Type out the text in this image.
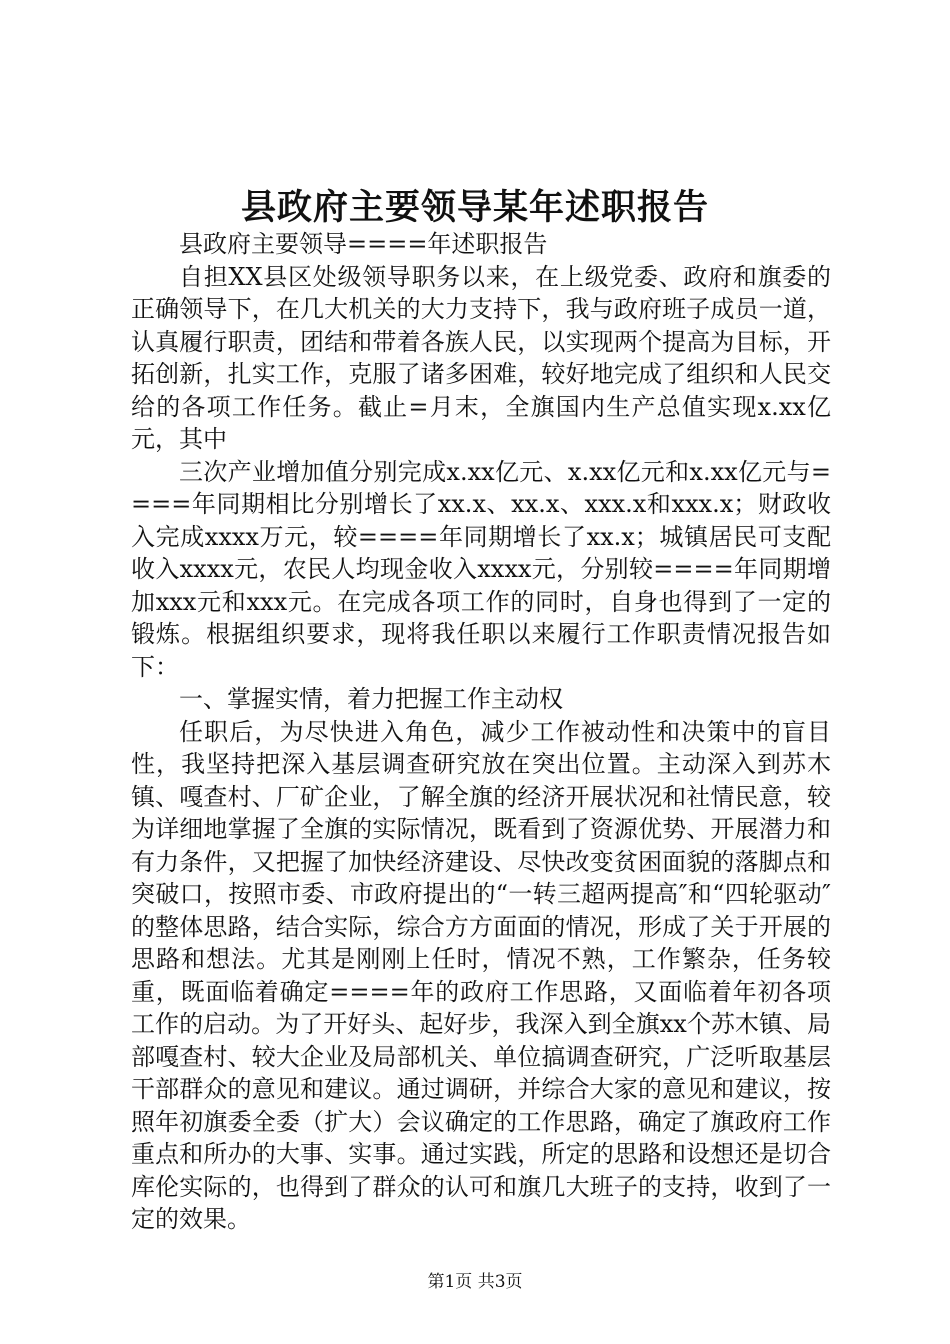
县政府主要领导某年述职报告

县政府主要领导====年述职报告

自担XX县区处级领导职务以来，在上级党委、政府和旗委的正确领导下，在几大机关的大力支持下，我与政府班子成员一道，认真履行职责，团结和带着各族人民，以实现两个提高为目标，开拓创新，扎实工作，克服了诸多困难，较好地完成了组织和人民交给的各项工作任务。截止=月末，全旗国内生产总值实现x.xx亿元，其中

三次产业增加值分别完成x.xx亿元、x.xx亿元和x.xx亿元与====年同期相比分别增长了xx.x、xx.x、xxx.x和xxx.x；财政收入完成xxxx万元，较====年同期增长了xx.x；城镇居民可支配收入xxxx元，农民人均现金收入xxxx元，分别较====年同期增加xxx元和xxx元。在完成各项工作的同时，自身也得到了一定的锻炼。根据组织要求，现将我任职以来履行工作职责情况报告如下：

一、掌握实情，着力把握工作主动权

任职后，为尽快进入角色，减少工作被动性和决策中的盲目性，我坚持把深入基层调查研究放在突出位置。主动深入到苏木镇、嘎查村、厂矿企业，了解全旗的经济开展状况和社情民意，较为详细地掌握了全旗的实际情况，既看到了资源优势、开展潜力和有力条件，又把握了加快经济建设、尽快改变贫困面貌的落脚点和突破口，按照市委、市政府提出的“一转三超两提高″和“四轮驱动″的整体思路，结合实际，综合方方面面的情况，形成了关于开展的思路和想法。尤其是刚刚上任时，情况不熟，工作繁杂，任务较重，既面临着确定====年的政府工作思路，又面临着年初各项工作的启动。为了开好头、起好步，我深入到全旗xx个苏木镇、局部嘎查村、较大企业及局部机关、单位搞调查研究，广泛听取基层干部群众的意见和建议。通过调研，并综合大家的意见和建议，按照年初旗委全委（扩大）会议确定的工作思路，确定了旗政府工作重点和所办的大事、实事。通过实践，所定的思路和设想还是切合库伦实际的，也得到了群众的认可和旗几大班子的支持，收到了一定的效果。

第1页 共3页
